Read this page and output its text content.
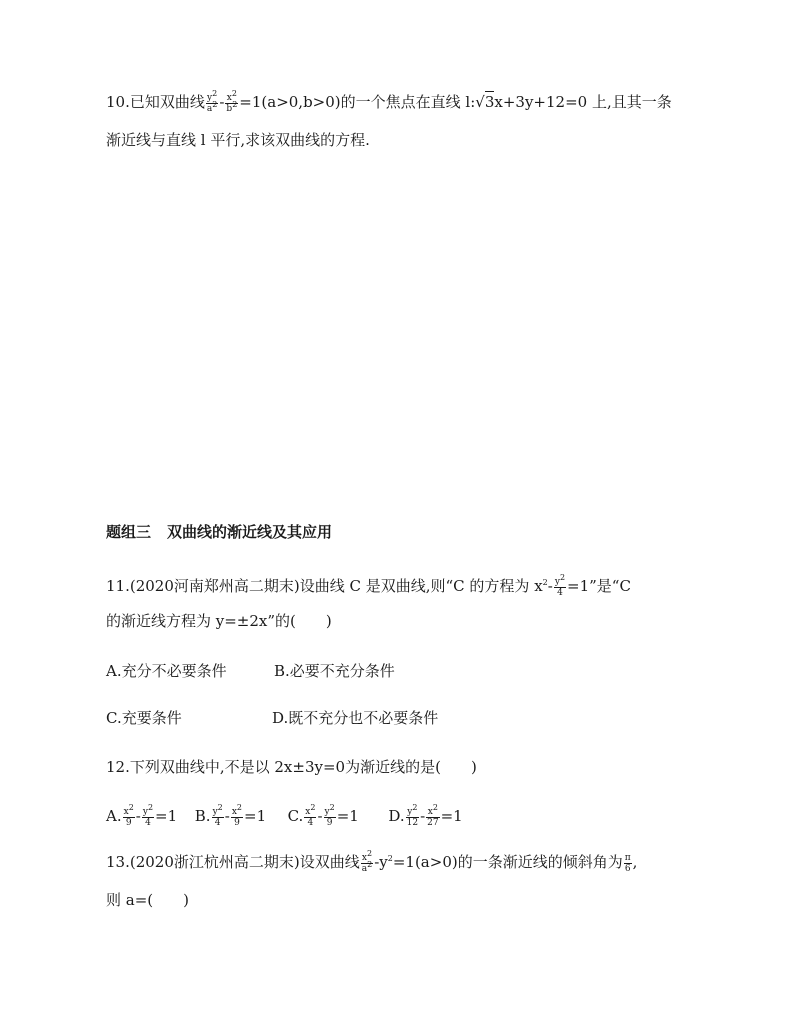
10.已知双曲线 $\frac{y^2}{a^2} - \frac{x^2}{b^2} =1(a>0,b>0)$的一个焦点在直线 l:√3x+3y+12=0 上,且其一条
渐近线与直线 l 平行,求该双曲线的方程.
题组三 双曲线的渐近线及其应用
11.(2020河南郑州高二期末)设曲线 C 是双曲线,则“C 的方程为 $x^2- \frac{y^2}{4} =1$”是“C
的渐近线方程为 y=±2x”的(　　)
A.充分不必要条件	B.必要不充分条件
C.充要条件	D.既不充分也不必要条件
12.下列双曲线中,不是以 2x±3y=0为渐近线的是(　　)
A. $\frac{x^2}{9} - \frac{y^2}{4} =1$ B. $\frac{y^2}{4} - \frac{x^2}{9} =1$ C. $\frac{x^2}{4} - \frac{y^2}{9} =1$ D. $\frac{y^2}{12} - \frac{x^2}{27} =1$
13.(2020浙江杭州高二期末)设双曲线 $\frac{x^2}{a^2} -y^2=1(a>0)$的一条渐近线的倾斜角为 $\frac{\pi}{6}$ ,
则 a=(　　)
